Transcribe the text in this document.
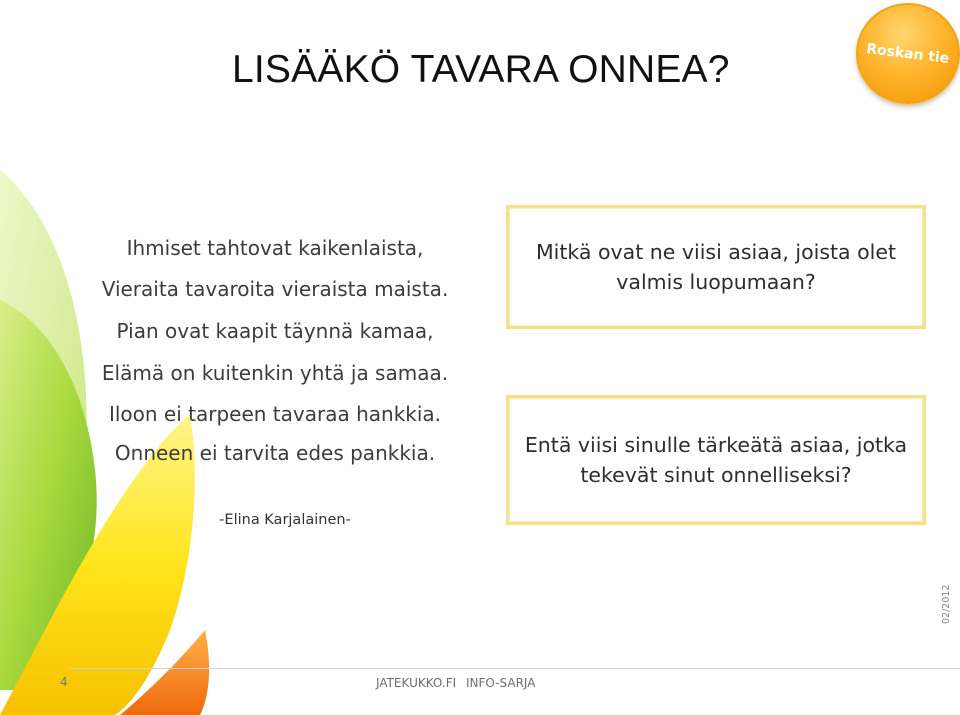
LISÄÄKÖ TAVARA ONNEA?	Roskan tie
Ihmiset tahtovat kaikenlaista,
Vieraita tavaroita vieraista maista.
Pian ovat kaapit täynnä kamaa,
Elämä on kuitenkin yhtä ja samaa.
Iloon ei tarpeen tavaraa hankkia.
Onneen ei tarvita edes pankkia.
-Elina Karjalainen-
Mitkä ovat ne viisi asiaa, joista olet valmis luopumaan?
Entä viisi sinulle tärkeätä asiaa, jotka tekevät sinut onnelliseksi?
4	JATEKUKKO.FI INFO-SARJA
02/2012
